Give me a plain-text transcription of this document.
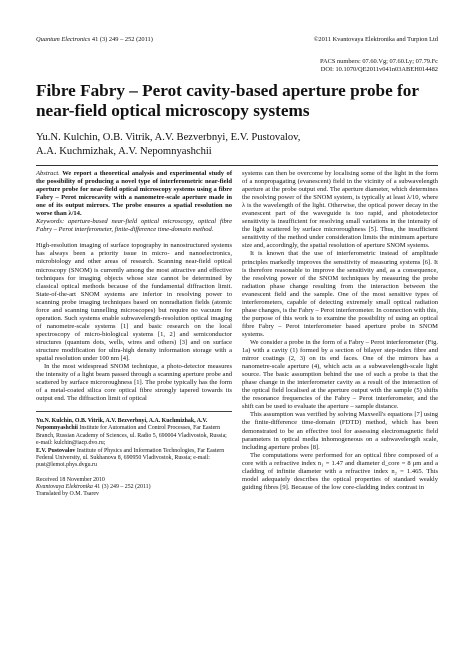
Quantum Electronics 41 (3) 249 – 252 (2011)	©2011 Kvantovaya Elektronika and Turpion Ltd
PACS numbers: 07.60.Vg; 07.60.Ly; 07.79.Fc
DOI: 10.1070/QE2011v041n03ABEH014482
Fibre Fabry – Perot cavity-based aperture probe for near-field optical microscopy systems
Yu.N. Kulchin, O.B. Vitrik, A.V. Bezverbnyi, E.V. Pustovalov,
A.A. Kuchmizhak, A.V. Nepomnyashchii

Abstract. We report a theoretical analysis and experimental study of the possibility of producing a novel type of interferometric near-field aperture probe for near-field optical microscopy systems using a fibre Fabry – Perot microcavity with a nanometre-scale aperture made in one of its output mirrors. The probe ensures a spatial resolution no worse than λ/14.

Keywords: aperture-based near-field optical microscopy, optical fibre Fabry – Perot interferometer, finite-difference time-domain method.

High-resolution imaging of surface topography in nanostructured systems has always been a priority issue in micro- and nanoelectronics, microbiology and other areas of research. Scanning near-field optical microscopy (SNOM) is currently among the most attractive and effective techniques for imaging objects whose size cannot be determined by classical optical methods because of the fundamental diffraction limit. State-of-the-art SNOM systems are inferior in resolving power to scanning probe imaging techniques based on nonradiation fields (atomic force and scanning tunnelling microscopes) but require no vacuum for operation. Such systems enable subwavelength-resolution optical imaging of nanometre-scale systems [1] and basic research on the local spectroscopy of micro-biological systems [1, 2] and semiconductor structures (quantum dots, wells, wires and others) [3] and on surface structure modification for ultra-high density information storage with a spatial resolution under 100 nm [4].

In the most widespread SNOM technique, a photo-detector measures the intensity of a light beam passed through a scanning aperture probe and scattered by surface microroughness [1]. The probe typically has the form of a metal-coated silica core optical fibre strongly tapered towards its output end. The diffraction limit of optical

Yu.N. Kulchin, O.B. Vitrik, A.V. Bezverbnyi, A.A. Kuchmizhak, A.V. Nepomnyashchii Institute for Automation and Control Processes, Far Eastern Branch, Russian Academy of Sciences, ul. Radio 5, 690004 Vladivostok, Russia; e-mail: kulchin@iacp.dvo.ru;

E.V. Pustovalov Institute of Physics and Information Technologies, Far Eastern Federal University, ul. Sukhanova 8, 690950 Vladivostok, Russia; e-mail: pust@lemoi.phys.dvgu.ru

Received 18 November 2010
Kvantovaya Elektronika 41 (3) 249 – 252 (2011)
Translated by O.M. Tsarev

systems can then be overcome by localising some of the light in the form of a nonpropagating (evanescent) field in the vicinity of a subwavelength aperture at the probe output end. The aperture diameter, which determines the resolving power of the SNOM system, is typically at least λ/10, where λ is the wavelength of the light. Otherwise, the optical power decay in the evanescent part of the waveguide is too rapid, and photodetector sensitivity is insufficient for resolving small variations in the intensity of the light scattered by surface microroughness [5]. Thus, the insufficient sensitivity of the method under consideration limits the minimum aperture size and, accordingly, the spatial resolution of aperture SNOM systems.

It is known that the use of interferometric instead of amplitude principles markedly improves the sensitivity of measuring systems [6]. It is therefore reasonable to improve the sensitivity and, as a consequence, the resolving power of the SNOM techniques by measuring the probe radiation phase change resulting from the interaction between the evanescent field and the sample. One of the most sensitive types of interferometers, capable of detecting extremely small optical radiation phase changes, is the Fabry – Perot interferometer. In connection with this, the purpose of this work is to examine the possibility of using an optical fibre Fabry – Perot interferometer based aperture probe in SNOM systems.

We consider a probe in the form of a Fabry – Perot interferometer (Fig. 1a) with a cavity (1) formed by a section of bilayer step-index fibre and mirror coatings (2, 3) on its end faces. One of the mirrors has a nanometre-scale aperture (4), which acts as a subwavelength-scale light source. The basic assumption behind the use of such a probe is that the phase change in the interferometer cavity as a result of the interaction of the optical field localised at the aperture output with the sample (5) shifts the resonance frequencies of the Fabry – Perot interferometer, and the shift can be used to evaluate the aperture – sample distance.

This assumption was verified by solving Maxwell's equations [7] using the finite-difference time-domain (FDTD) method, which has been demonstrated to be an effective tool for assessing electromagnetic field parameters in optical media inhomogeneous on a subwavelength scale, including aperture probes [8].

The computations were performed for an optical fibre composed of a core with a refractive index n₁ = 1.47 and diameter d_core = 8 μm and a cladding of infinite diameter with a refractive index n₂ = 1.465. This model adequately describes the optical properties of standard weakly guiding fibres [9]. Because of the low core-cladding index contrast in
